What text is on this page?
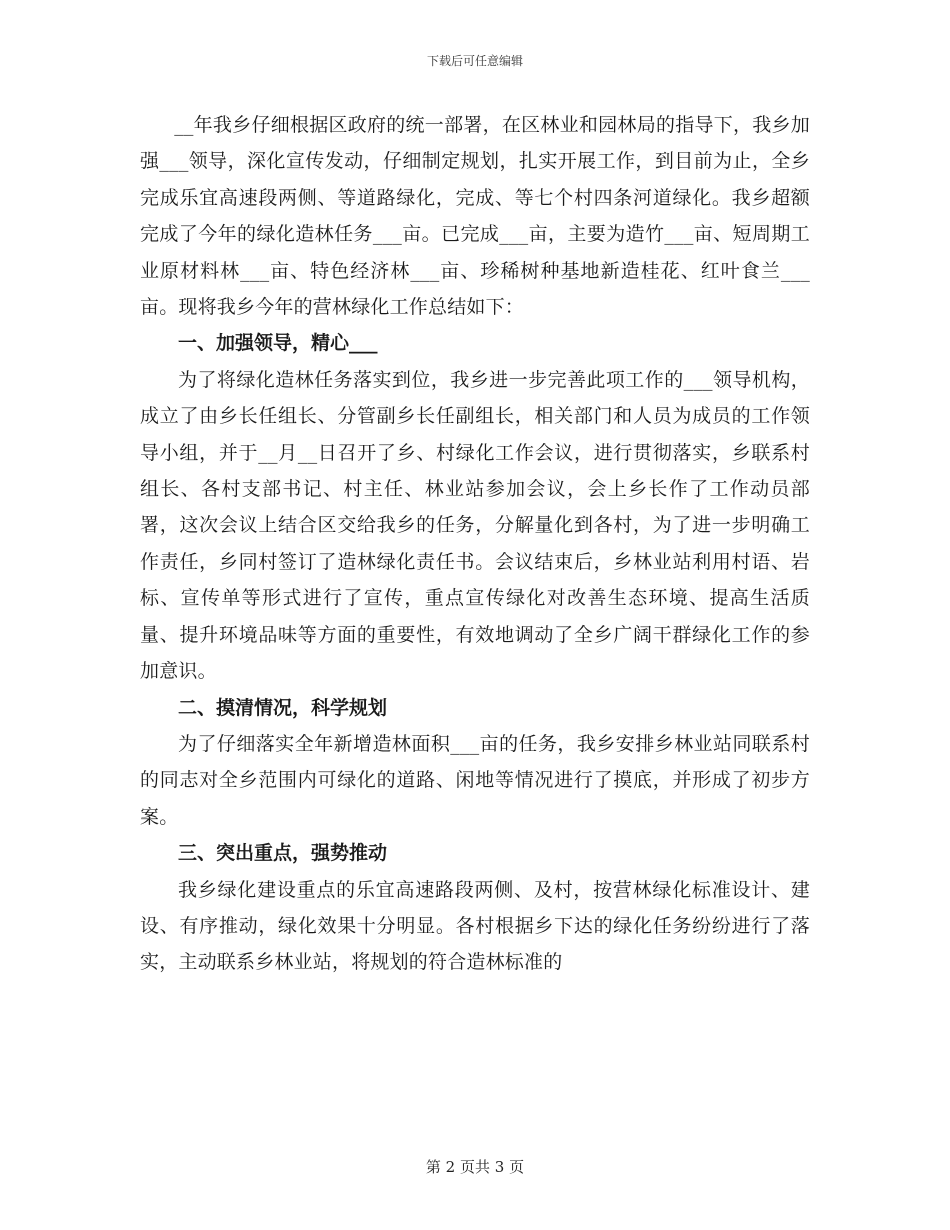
下载后可任意编辑

__年我乡仔细根据区政府的统一部署，在区林业和园林局的指导下，我乡加强___领导，深化宣传发动，仔细制定规划，扎实开展工作，到目前为止，全乡完成乐宜高速段两侧、等道路绿化，完成、等七个村四条河道绿化。我乡超额完成了今年的绿化造林任务___亩。已完成___亩，主要为造竹___亩、短周期工业原材料林___亩、特色经济林___亩、珍稀树种基地新造桂花、红叶食兰___亩。现将我乡今年的营林绿化工作总结如下：

一、加强领导，精心___

为了将绿化造林任务落实到位，我乡进一步完善此项工作的___领导机构，成立了由乡长任组长、分管副乡长任副组长，相关部门和人员为成员的工作领导小组，并于__月__日召开了乡、村绿化工作会议，进行贯彻落实，乡联系村组长、各村支部书记、村主任、林业站参加会议，会上乡长作了工作动员部署，这次会议上结合区交给我乡的任务，分解量化到各村，为了进一步明确工作责任，乡同村签订了造林绿化责任书。会议结束后，乡林业站利用村语、岩标、宣传单等形式进行了宣传，重点宣传绿化对改善生态环境、提高生活质量、提升环境品味等方面的重要性，有效地调动了全乡广阔干群绿化工作的参加意识。

二、摸清情况，科学规划

为了仔细落实全年新增造林面积___亩的任务，我乡安排乡林业站同联系村的同志对全乡范围内可绿化的道路、闲地等情况进行了摸底，并形成了初步方案。

三、突出重点，强势推动

我乡绿化建设重点的乐宜高速路段两侧、及村，按营林绿化标准设计、建设、有序推动，绿化效果十分明显。各村根据乡下达的绿化任务纷纷进行了落实，主动联系乡林业站，将规划的符合造林标准的

第 2 页共 3 页
